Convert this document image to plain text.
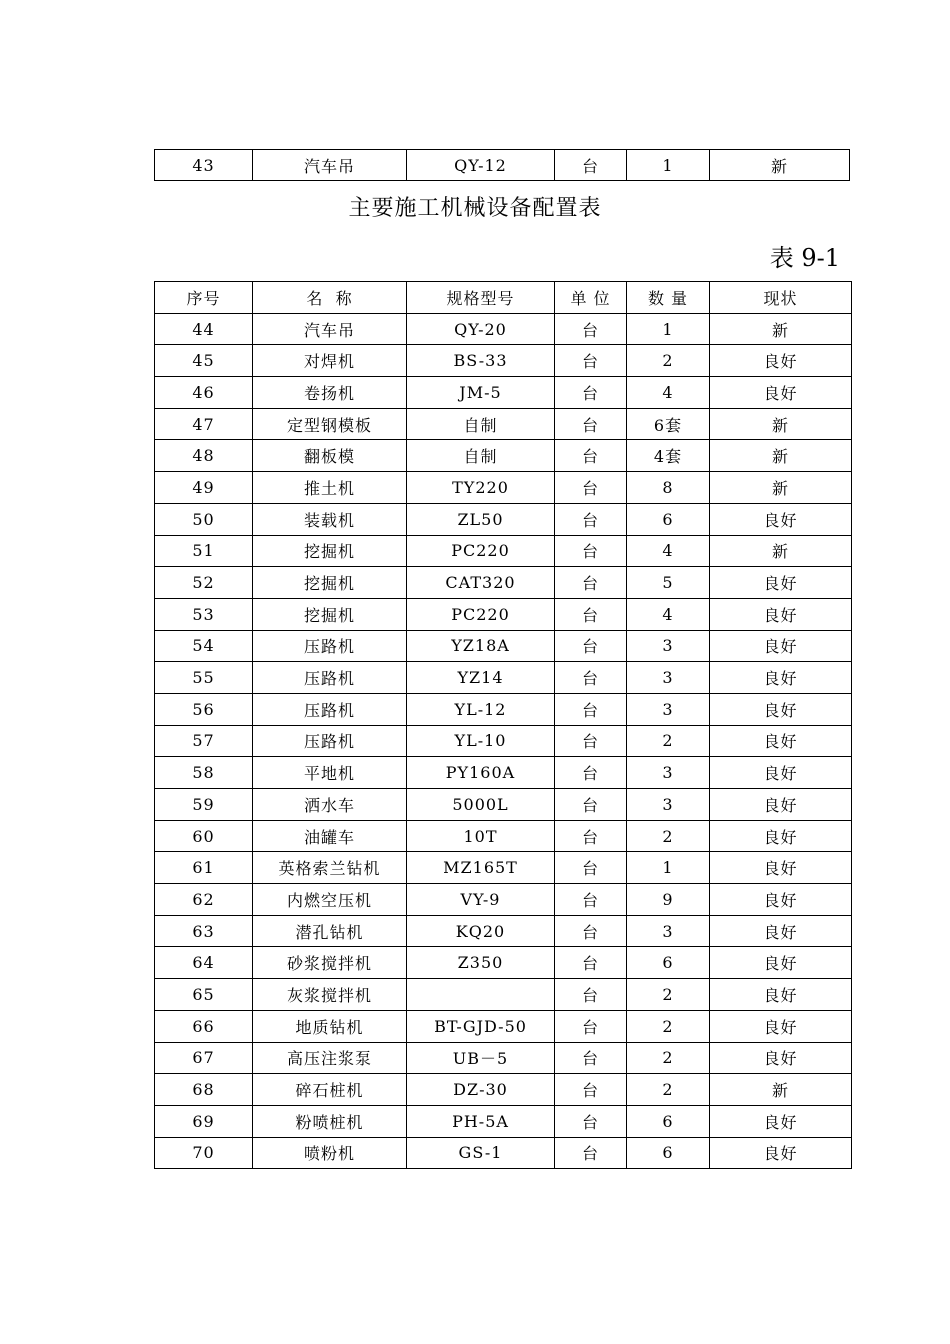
43	汽车吊	QY-12	台	1	新
主要施工机械设备配置表
表 9-1
序号	名  称	规格型号	单 位	数 量	现状
44	汽车吊	QY-20	台	1	新
45	对焊机	BS-33	台	2	良好
46	卷扬机	JM-5	台	4	良好
47	定型钢模板	自制	台	6套	新
48	翻板模	自制	台	4套	新
49	推土机	TY220	台	8	新
50	装载机	ZL50	台	6	良好
51	挖掘机	PC220	台	4	新
52	挖掘机	CAT320	台	5	良好
53	挖掘机	PC220	台	4	良好
54	压路机	YZ18A	台	3	良好
55	压路机	YZ14	台	3	良好
56	压路机	YL-12	台	3	良好
57	压路机	YL-10	台	2	良好
58	平地机	PY160A	台	3	良好
59	洒水车	5000L	台	3	良好
60	油罐车	10T	台	2	良好
61	英格索兰钻机	MZ165T	台	1	良好
62	内燃空压机	VY-9	台	9	良好
63	潜孔钻机	KQ20	台	3	良好
64	砂浆搅拌机	Z350	台	6	良好
65	灰浆搅拌机		台	2	良好
66	地质钻机	BT-GJD-50	台	2	良好
67	高压注浆泵	UB－5	台	2	良好
68	碎石桩机	DZ-30	台	2	新
69	粉喷桩机	PH-5A	台	6	良好
70	喷粉机	GS-1	台	6	良好
